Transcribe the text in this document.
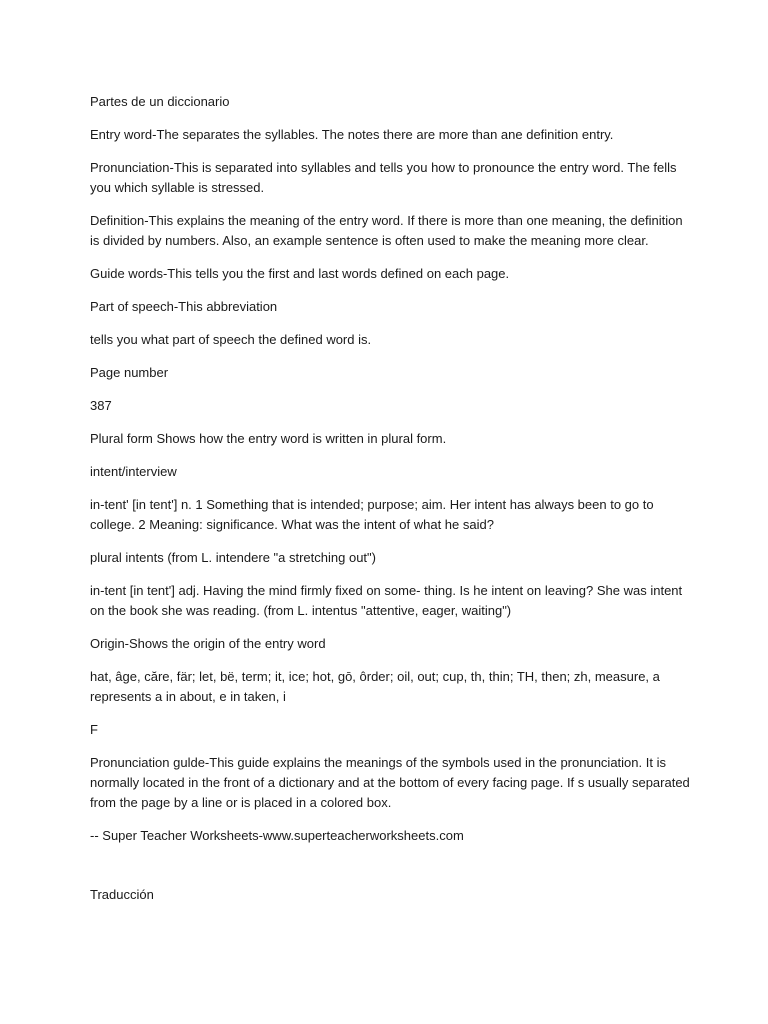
Partes de un diccionario

Entry word-The separates the syllables. The notes there are more than ane definition entry.

Pronunciation-This is separated into syllables and tells you how to pronounce the entry word. The fells you which syllable is stressed.

Definition-This explains the meaning of the entry word. If there is more than one meaning, the definition is divided by numbers. Also, an example sentence is often used to make the meaning more clear.

Guide words-This tells you the first and last words defined on each page.

Part of speech-This abbreviation

tells you what part of speech the defined word is.

Page number

387

Plural form Shows how the entry word is written in plural form.

intent/interview

in-tent' [in tent'] n. 1 Something that is intended; purpose; aim. Her intent has always been to go to college. 2 Meaning: significance. What was the intent of what he said?

plural intents (from L. intendere "a stretching out")

in-tent [in tent'] adj. Having the mind firmly fixed on some- thing. Is he intent on leaving? She was intent on the book she was reading. (from L. intentus "attentive, eager, waiting")

Origin-Shows the origin of the entry word

hat, âge, căre, fär; let, bë, term; it, ice; hot, gō, ôrder; oil, out; cup, th, thin; TH, then; zh, measure, a represents a in about, e in taken, i

F

Pronunciation gulde-This guide explains the meanings of the symbols used in the pronunciation. It is normally located in the front of a dictionary and at the bottom of every facing page. If s usually separated from the page by a line or is placed in a colored box.

-- Super Teacher Worksheets-www.superteacherworksheets.com

Traducción
